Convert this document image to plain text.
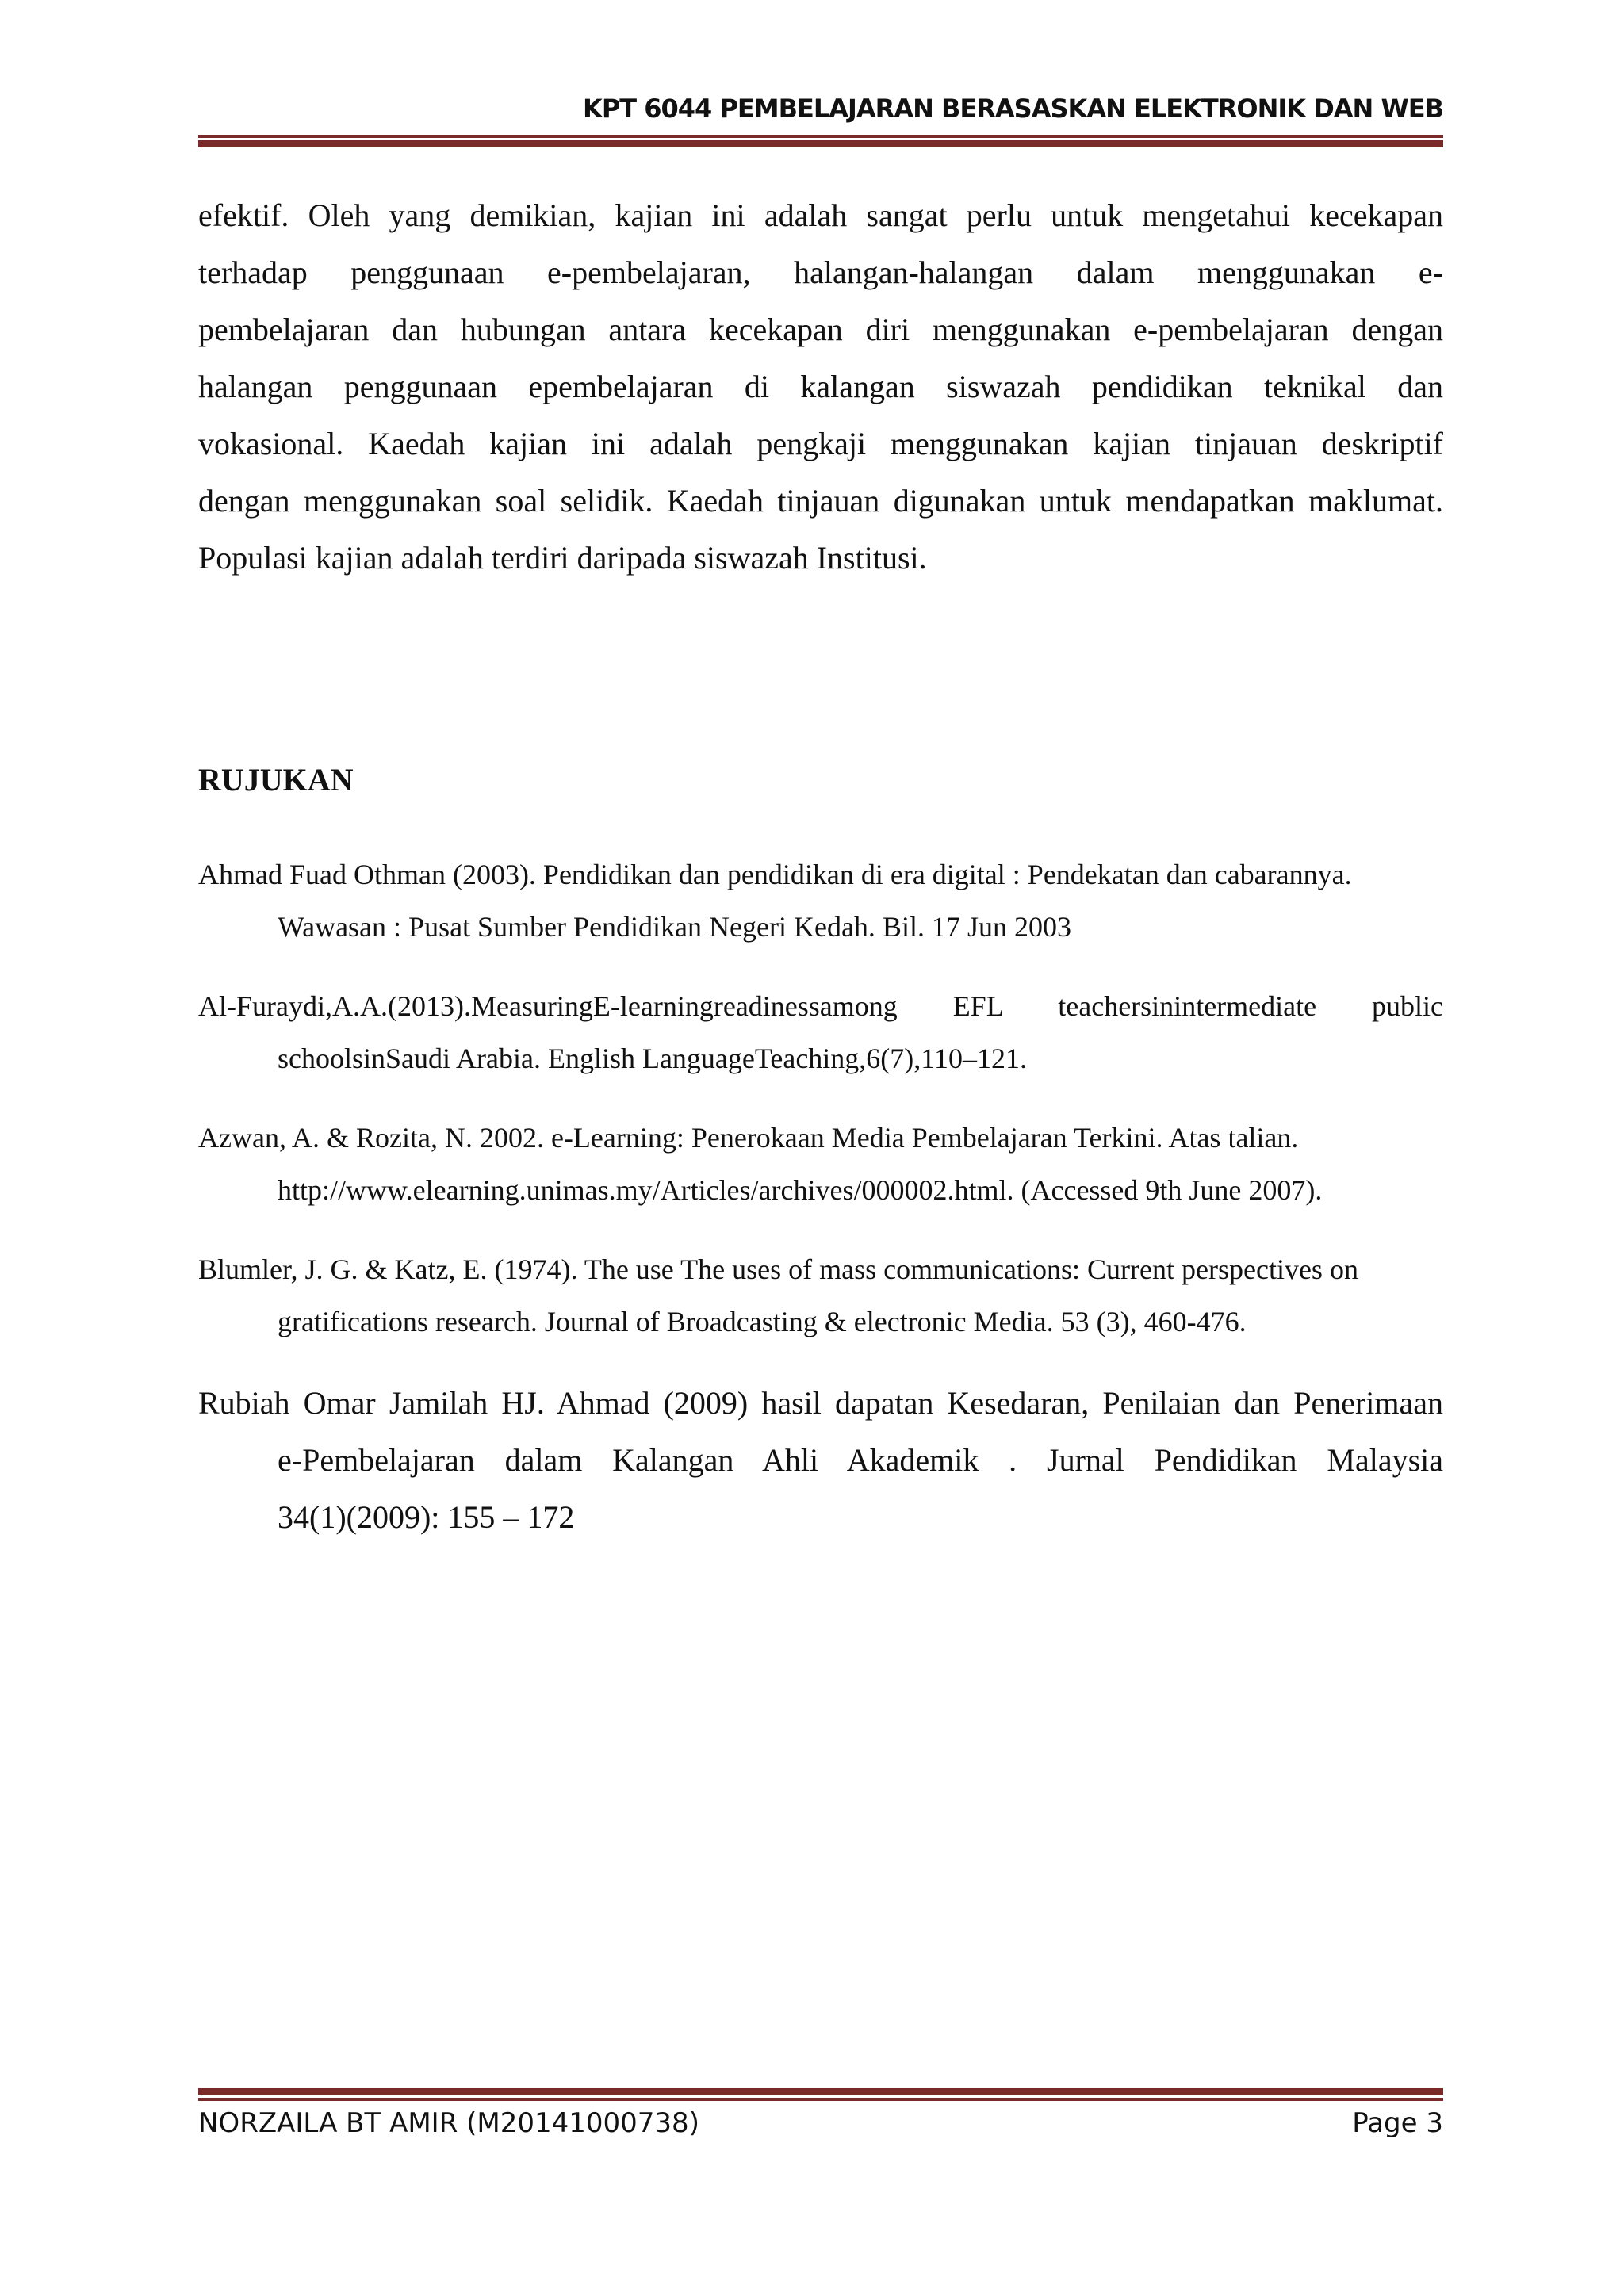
KPT 6044 PEMBELAJARAN BERASASKAN ELEKTRONIK DAN WEB
efektif. Oleh yang demikian, kajian ini adalah sangat perlu untuk mengetahui kecekapan
terhadap penggunaan e-pembelajaran, halangan-halangan dalam menggunakan e-
pembelajaran dan hubungan antara kecekapan diri menggunakan e-pembelajaran dengan
halangan penggunaan epembelajaran di kalangan siswazah pendidikan teknikal dan
vokasional. Kaedah kajian ini adalah pengkaji menggunakan kajian tinjauan deskriptif
dengan menggunakan soal selidik. Kaedah tinjauan digunakan untuk mendapatkan maklumat.
Populasi kajian adalah terdiri daripada siswazah Institusi.
RUJUKAN
Ahmad Fuad Othman (2003). Pendidikan dan pendidikan di era digital : Pendekatan dan cabarannya.
Wawasan : Pusat Sumber Pendidikan Negeri Kedah. Bil. 17 Jun 2003
Al-Furaydi,A.A.(2013).MeasuringE-learningreadinessamong EFL teachersinintermediate public
schoolsinSaudi Arabia. English LanguageTeaching,6(7),110–121.
Azwan, A. & Rozita, N. 2002. e-Learning: Penerokaan Media Pembelajaran Terkini. Atas talian.
http://www.elearning.unimas.my/Articles/archives/000002.html. (Accessed 9th June 2007).
Blumler, J. G. & Katz, E. (1974). The use The uses of mass communications: Current perspectives on
gratifications research. Journal of Broadcasting & electronic Media. 53 (3), 460-476.
Rubiah Omar Jamilah HJ. Ahmad (2009) hasil dapatan Kesedaran, Penilaian dan Penerimaan
e-Pembelajaran dalam Kalangan Ahli Akademik . Jurnal Pendidikan Malaysia
34(1)(2009): 155 – 172
NORZAILA BT AMIR (M20141000738)	Page 3
